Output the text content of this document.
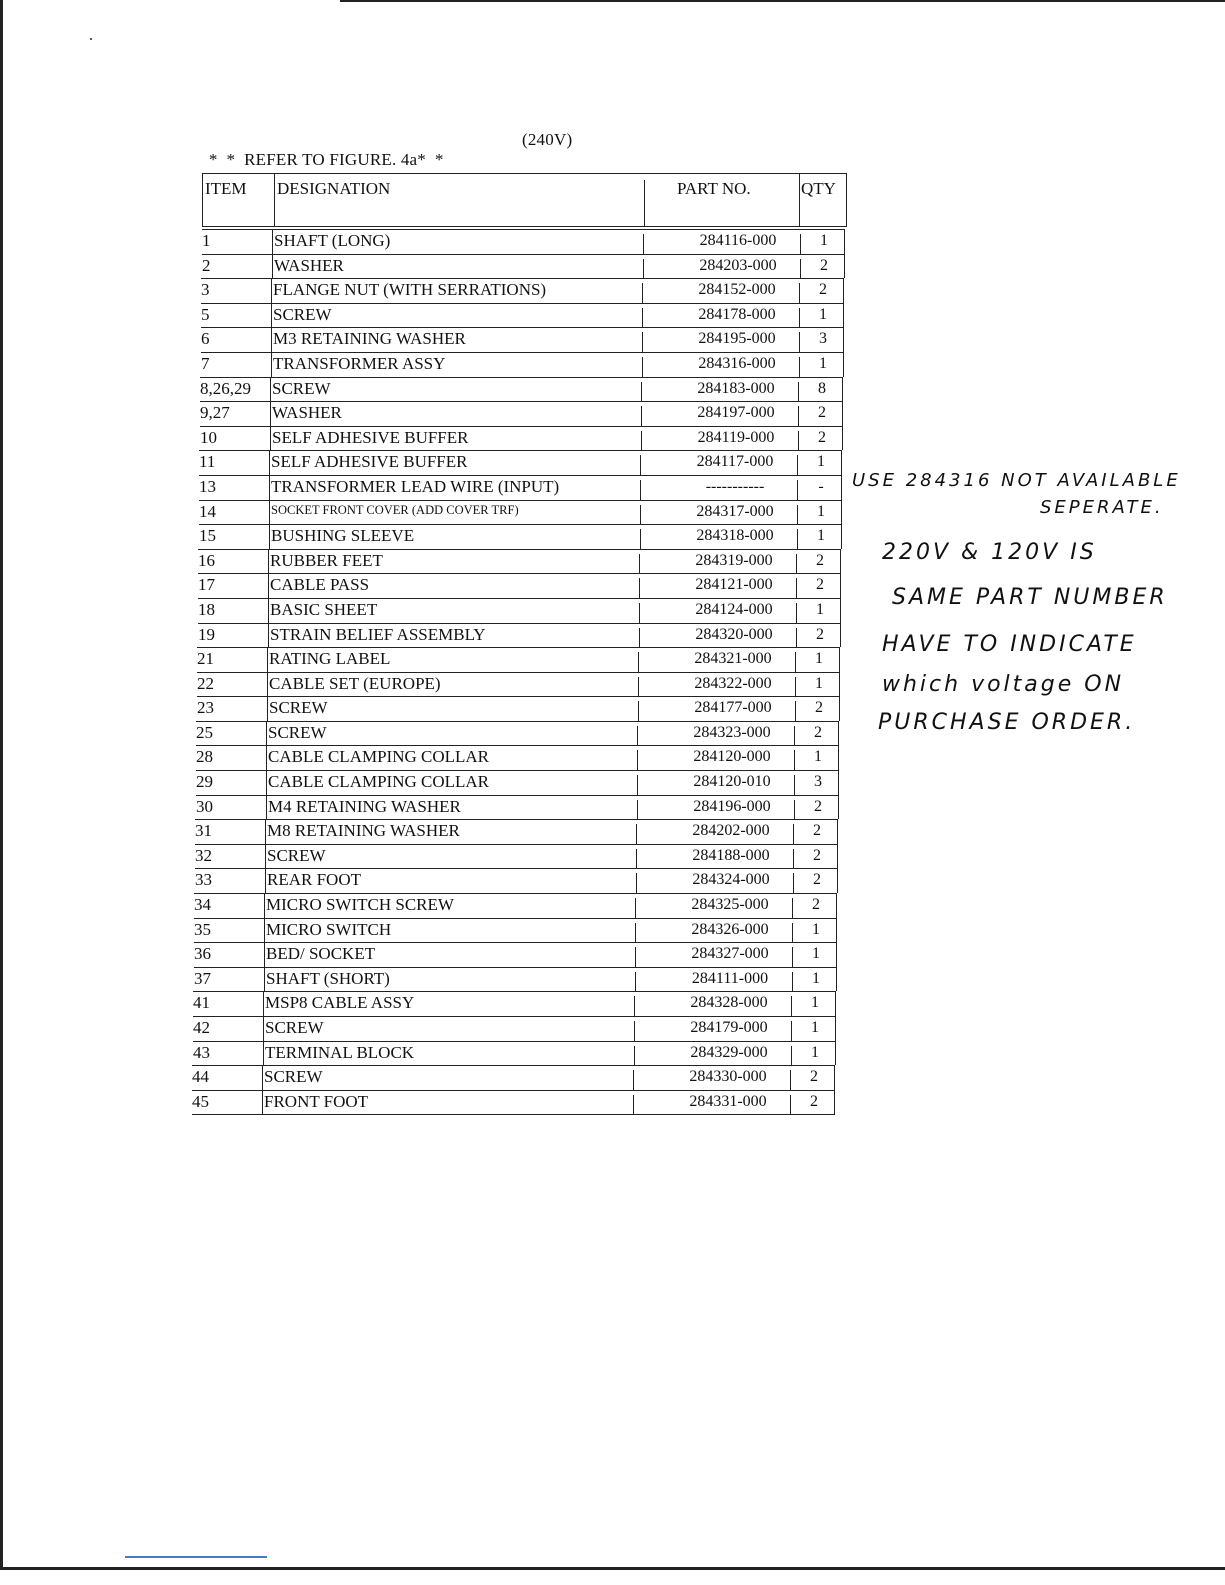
*  *  REFER TO FIGURE. 4a*  *

(240V)

ITEM DESIGNATION	PART NO.	QTY
1	SHAFT (LONG)	284116-000	1
2	WASHER	284203-000	2
3	FLANGE NUT (WITH SERRATIONS)	284152-000	2
5	SCREW	284178-000	1
6	M3 RETAINING WASHER	284195-000	3
7	TRANSFORMER ASSY	284316-000	1
8,26,29 SCREW	284183-000	8
9,27 WASHER	284197-000	2
10	SELF ADHESIVE BUFFER	284119-000	2
11	SELF ADHESIVE BUFFER	284117-000	1
13	TRANSFORMER LEAD WIRE (INPUT)	-----------	-
14	SOCKET FRONT COVER (ADD COVER TRF)	284317-000	1
15	BUSHING SLEEVE	284318-000	1
16	RUBBER FEET	284319-000	2
17	CABLE PASS	284121-000	2
18	BASIC SHEET	284124-000	1
19	STRAIN BELIEF ASSEMBLY	284320-000	2
21	RATING LABEL	284321-000	1
22	CABLE SET (EUROPE)	284322-000	1
23	SCREW	284177-000	2
25	SCREW	284323-000	2
28	CABLE CLAMPING COLLAR	284120-000	1
29	CABLE CLAMPING COLLAR	284120-010	3
30	M4 RETAINING WASHER	284196-000	2
31	M8 RETAINING WASHER	284202-000	2
32	SCREW	284188-000	2
33	REAR FOOT	284324-000	2
34	MICRO SWITCH SCREW	284325-000	2
35	MICRO SWITCH	284326-000	1
36	BED/ SOCKET	284327-000	1
37	SHAFT (SHORT)	284111-000	1
41	MSP8 CABLE ASSY	284328-000	1
42	SCREW	284179-000	1
43	TERMINAL BLOCK	284329-000	1
44	SCREW	284330-000	2
45	FRONT FOOT	284331-000	2
USE 284316 NOT AVAILABLE
SEPERATE.
220V & 120V IS
SAME PART NUMBER
HAVE TO INDICATE
which voltage ON
PURCHASE ORDER.
